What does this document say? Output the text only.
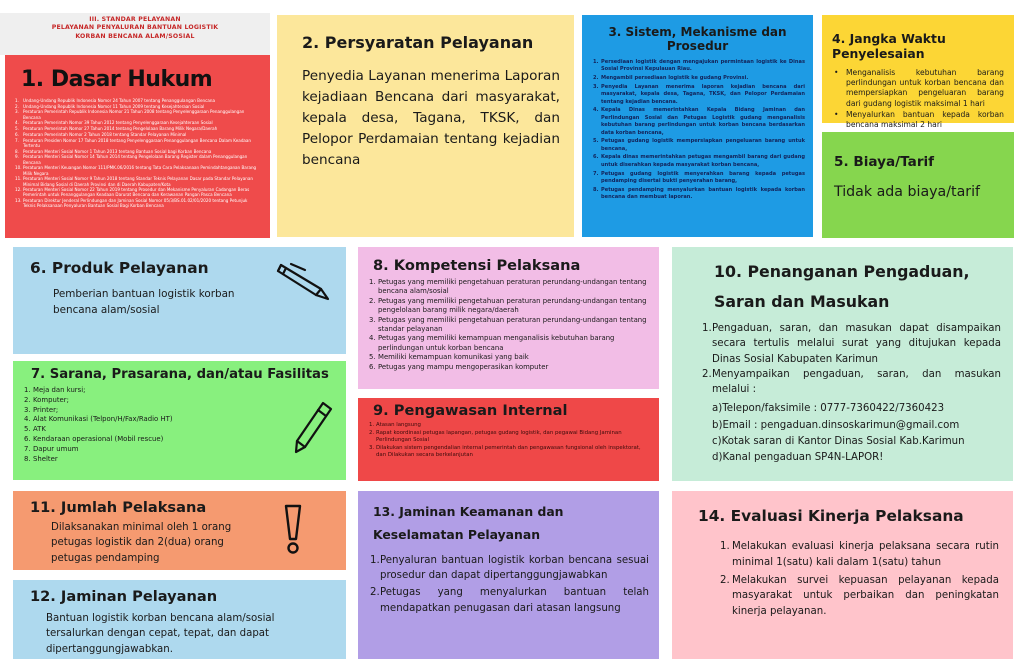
III. STANDAR PELAYANAN
PELAYANAN PENYALURAN BANTUAN LOGISTIK
KORBAN BENCANA ALAM/SOSIAL
1. Dasar Hukum
1. Undang-Undang Republik Indonesia Nomor 24 Tahun 2007 tentang Penanggulangan Bencana
2. Undang-Undang Republik Indonesia Nomor 11 Tahun 2009 tentang Kesejahteraan Sosial
3. Peraturan Pemerintah Republik Indonesia Nomor 21 Tahun 2008 tentang Penyelenggaraan Penanggulangan Bencana
4. Peraturan Pemerintah Nomor 39 Tahun 2012 tentang Penyelenggaraan Kesejahteraan Sosial
5. Peraturan Pemerintah Nomor 27 Tahun 2014 tentang Pengelolaan Barang Milik Negara/Daerah
6. Peraturan Pemerintah Nomor 2 Tahun 2018 tentang Standar Pelayanan Minimal
7. Peraturan Presiden Nomor 17 Tahun 2018 tentang Penyelenggaraan Penanggulangan Bencana Dalam Keadaan Tertentu
8. Peraturan Menteri Sosial Nomor 1 Tahun 2013 tentang Bantuan Sosial bagi Korban Bencana
9. Peraturan Menteri Sosial Nomor 14 Tahun 2014 tentang Pengelolaan Barang Register dalam Penanggulangan Bencana
10. Peraturan Menteri Keuangan Nomor 111/PMK.06/2016 tentang Tata Cara Pelaksanaan Pemindahtanganan Barang Milik Negara
11. Peraturan Menteri Sosial Nomor 9 Tahun 2018 tentang Standar Teknis Pelayanan Dasar pada Standar Pelayanan Minimal Bidang Sosial di Daerah Provinsi dan di Daerah Kabupaten/Kota
12. Peraturan Menteri Sosial Nomor 22 Tahun 2019 tentang Prosedur dan Mekanisme Penyaluran Cadangan Beras Pemerintah untuk Penanggulangan Keadaan Darurat Bencana dan Kerawanan Pangan Pasca Bencana
13. Peraturan Direktur Jenderal Perlindungan dan Jaminan Sosial Nomor 05/3/BS.01.02/01/2020 tentang Petunjuk Teknis Pelaksanaan Penyaluran Bantuan Sosial Bagi Korban Bencana
2. Persyaratan Pelayanan

Penyedia Layanan menerima Laporan kejadiaan Bencana dari masyarakat, kepala desa, Tagana, TKSK, dan Pelopor Perdamaian tentang kejadian bencana

3. Sistem, Mekanisme dan Prosedur
1. Persediaan logistik dengan mengajukan permintaan logistik ke Dinas Sosial Provinsi Kepulauan Riau.
2. Mengambil persediaan logistik ke gudang Provinsi.
3. Penyedia Layanan menerima laporan kejadian bencana dari masyarakat, kepala desa, Tagana, TKSK, dan Pelopor Perdamaian tentang kejadian bencana.
4. Kepala Dinas memerintahkan Kepala Bidang Jaminan dan Perlindungan Sosial dan Petugas Logistik gudang menganalisis kebutuhan barang perlindungan untuk korban bencana berdasarkan data korban bencana,
5. Petugas gudang logistik mempersiapkan pengeluaran barang untuk bencana,
6. Kepala dinas memerintahkan petugas mengambil barang dari gudang untuk diserahkan kepada masyarakat korban bencana,
7. Petugas gudang logistik menyerahkan barang kepada petugas pendamping disertai bukti penyerahan barang,
8. Petugas pendamping menyalurkan bantuan logistik kepada korban bencana dan membuat laporan.
4. Jangka Waktu Penyelesaian
• Menganalisis kebutuhan barang perlindungan untuk korban bencana dan mempersiapkan pengeluaran barang dari gudang logistik maksimal 1 hari
• Menyalurkan bantuan kepada korban bencana maksimal 2 hari
5. Biaya/Tarif

Tidak ada biaya/tarif

6. Produk Pelayanan

Pemberian bantuan logistik korban bencana alam/sosial

7. Sarana, Prasarana, dan/atau Fasilitas
1. Meja dan kursi;
2. Komputer;
3. Printer;
4. Alat Komunikasi (Telpon/H/Fax/Radio HT)
5. ATK
6. Kendaraan operasional (Mobil rescue)
7. Dapur umum
8. Shelter
8. Kompetensi Pelaksana
1. Petugas yang memiliki pengetahuan peraturan perundang-undangan tentang bencana alam/sosial
2. Petugas yang memiliki pengetahuan peraturan perundang-undangan tentang pengelolaan barang milik negara/daerah
3. Petugas yang memiliki pengetahuan peraturan perundang-undangan tentang standar pelayanan
4. Petugas yang memiliki kemampuan menganalisis kebutuhan barang perlindungan untuk korban bencana
5. Memiliki kemampuan komunikasi yang baik
6. Petugas yang mampu mengoperasikan komputer
9. Pengawasan Internal
1. Atasan langsung
2. Rapat koordinasi petugas lapangan, petugas gudang logistik, dan pegawai Bidang Jaminan Perlindungan Sosial
3. Dilakukan sistem pengendalian internal pemerintah dan pengawasan fungsional oleh inspektorat, dan Dilakukan secara berkelanjutan
10. Penanganan Pengaduan, Saran dan Masukan
1. Pengaduan, saran, dan masukan dapat disampaikan secara tertulis melalui surat yang ditujukan kepada Dinas Sosial Kabupaten Karimun
2. Menyampaikan pengaduan, saran, dan masukan melalui :
a)Telepon/faksimile : 0777-7360422/7360423
b)Email : pengaduan.dinsoskarimun@gmail.com
c)Kotak saran di Kantor Dinas Sosial Kab.Karimun
d)Kanal pengaduan SP4N-LAPOR!
11. Jumlah Pelaksana

Dilaksanakan minimal oleh 1 orang petugas logistik dan 2(dua) orang petugas pendamping

12. Jaminan Pelayanan

Bantuan logistik korban bencana alam/sosial tersalurkan dengan cepat, tepat, dan dapat dipertanggungjawabkan.

13. Jaminan Keamanan dan Keselamatan Pelayanan
1. Penyaluran bantuan logistik korban bencana sesuai prosedur dan dapat dipertanggungjawabkan
2. Petugas yang menyalurkan bantuan telah mendapatkan penugasan dari atasan langsung
14. Evaluasi Kinerja Pelaksana
1. Melakukan evaluasi kinerja pelaksana secara rutin minimal 1(satu) kali dalam 1(satu) tahun
2. Melakukan survei kepuasan pelayanan kepada masyarakat untuk perbaikan dan peningkatan kinerja pelayanan.
